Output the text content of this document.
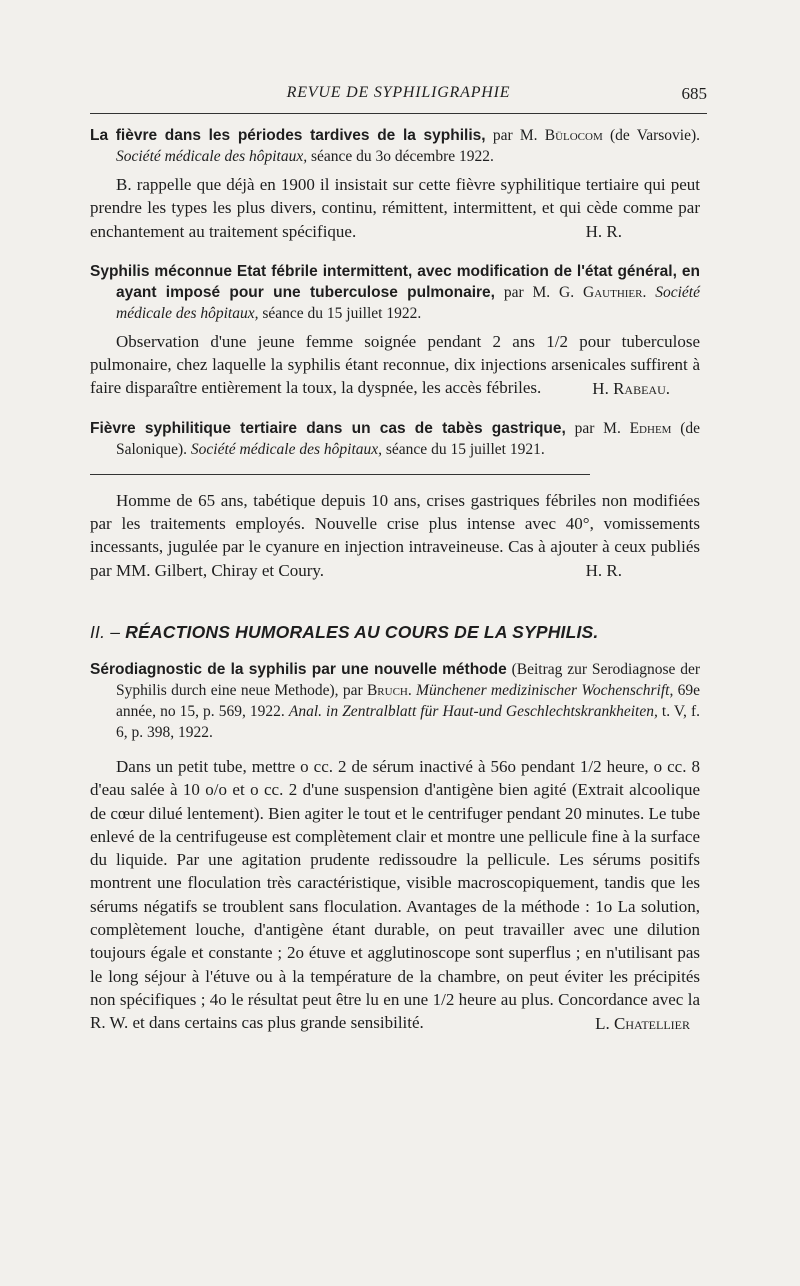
REVUE DE SYPHILIGRAPHIE	685

La fièvre dans les périodes tardives de la syphilis, par M. Bülocom (de Varsovie). Société médicale des hôpitaux, séance du 3o décembre 1922.

B. rappelle que déjà en 1900 il insistait sur cette fièvre syphilitique tertiaire qui peut prendre les types les plus divers, continu, rémittent, intermittent, et qui cède comme par enchantement au traitement spécifique.	H. R.

Syphilis méconnue Etat fébrile intermittent, avec modification de l'état général, en ayant imposé pour une tuberculose pulmonaire, par M. G. Gauthier. Société médicale des hôpitaux, séance du 15 juillet 1922.

Observation d'une jeune femme soignée pendant 2 ans 1/2 pour tuberculose pulmonaire, chez laquelle la syphilis étant reconnue, dix injections arsenicales suffirent à faire disparaître entièrement la toux, la dyspnée, les accès fébriles.	H. Rabeau.

Fièvre syphilitique tertiaire dans un cas de tabès gastrique, par M. Edhem (de Salonique). Société médicale des hôpitaux, séance du 15 juillet 1921.

Homme de 65 ans, tabétique depuis 10 ans, crises gastriques fébriles non modifiées par les traitements employés. Nouvelle crise plus intense avec 40°, vomissements incessants, jugulée par le cyanure en injection intraveineuse. Cas à ajouter à ceux publiés par MM. Gilbert, Chiray et Coury.	H. R.
II. – RÉACTIONS HUMORALES AU COURS DE LA SYPHILIS.

Sérodiagnostic de la syphilis par une nouvelle méthode (Beitrag zur Serodiagnose der Syphilis durch eine neue Methode), par Bruch. Münchener medizinischer Wochenschrift, 69e année, no 15, p. 569, 1922. Anal. in Zentralblatt für Haut-und Geschlechtskrankheiten, t. V, f. 6, p. 398, 1922.

Dans un petit tube, mettre o cc. 2 de sérum inactivé à 56o pendant 1/2 heure, o cc. 8 d'eau salée à 10 o/o et o cc. 2 d'une suspension d'antigène bien agité (Extrait alcoolique de cœur dilué lentement). Bien agiter le tout et le centrifuger pendant 20 minutes. Le tube enlevé de la centrifugeuse est complètement clair et montre une pellicule fine à la surface du liquide. Par une agitation prudente redissoudre la pellicule. Les sérums positifs montrent une floculation très caractéristique, visible macroscopiquement, tandis que les sérums négatifs se troublent sans floculation. Avantages de la méthode : 1o La solution, complètement louche, d'antigène étant durable, on peut travailler avec une dilution toujours égale et constante ; 2o étuve et agglutinoscope sont superflus ; en n'utilisant pas le long séjour à l'étuve ou à la température de la chambre, on peut éviter les précipités non spécifiques ; 4o le résultat peut être lu en une 1/2 heure au plus. Concordance avec la R. W. et dans certains cas plus grande sensibilité.	L. Chatellier
